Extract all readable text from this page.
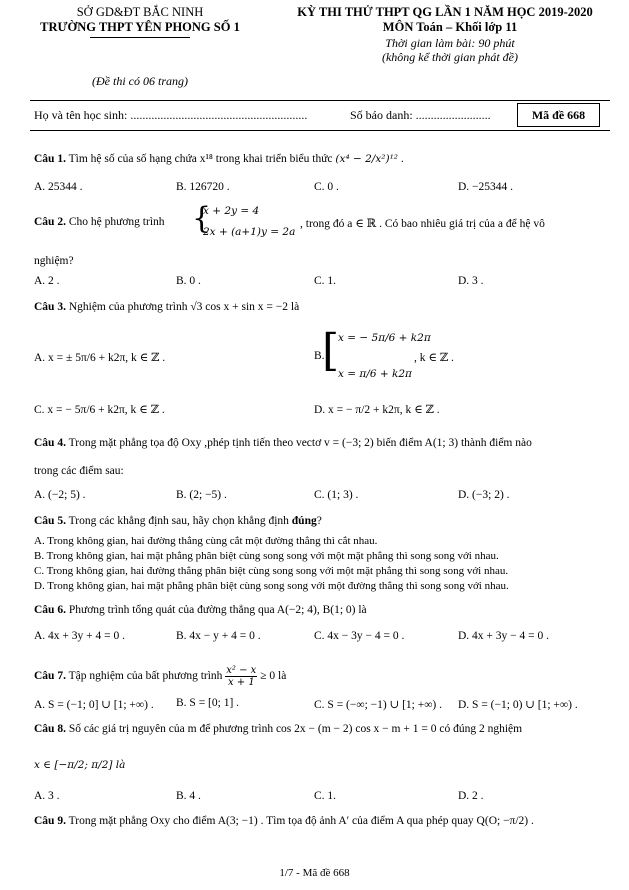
SỞ GD&ĐT BẮC NINH
TRƯỜNG THPT YÊN PHONG SỐ 1
(Đề thi có 06 trang)
KỲ THI THỬ THPT QG LẦN 1 NĂM HỌC 2019-2020
MÔN Toán – Khối lớp 11
Thời gian làm bài: 90 phút
(không kể thời gian phát đề)
Họ và tên học sinh: ...........................................................	Số báo danh: .........................	Mã đề 668
Câu 1. Tìm hệ số của số hạng chứa x¹⁸ trong khai triển biểu thức (x⁴ − 2/x²)¹² .
A. 25344 .	B. 126720 .	C. 0 .	D. −25344 .
Câu 2. Cho hệ phương trình {
x + 2y = 4
2x + (a+1)y = 2a
, trong đó a ∈ ℝ . Có bao nhiêu giá trị của a để hệ vô
nghiệm?
A. 2 .	B. 0 .	C. 1.	D. 3 .
Câu 3. Nghiệm của phương trình √3 cos x + sin x = −2 là
A. x = ± 5π/6 + k2π, k ∈ ℤ .	B.
[
x = − 5π/6 + k2π
x = π/6 + k2π
, k ∈ ℤ .
C. x = − 5π/6 + k2π, k ∈ ℤ .	D. x = − π/2 + k2π, k ∈ ℤ .
Câu 4. Trong mặt phẳng tọa độ Oxy ,phép tịnh tiến theo vectơ v = (−3; 2) biến điểm A(1; 3) thành điểm nào
trong các điểm sau:
A. (−2; 5) .	B. (2; −5) .	C. (1; 3) .	D. (−3; 2) .
Câu 5. Trong các khẳng định sau, hãy chọn khẳng định đúng?
A. Trong không gian, hai đường thẳng cùng cắt một đường thẳng thì cắt nhau.
B. Trong không gian, hai mặt phẳng phân biệt cùng song song với một mặt phẳng thì song song với nhau.
C. Trong không gian, hai đường thẳng phân biệt cùng song song với một mặt phẳng thì song song với nhau.
D. Trong không gian, hai mặt phẳng phân biệt cùng song song với một đường thẳng thì song song với nhau.
Câu 6. Phương trình tổng quát của đường thẳng qua A(−2; 4), B(1; 0) là
A. 4x + 3y + 4 = 0 .	B. 4x − y + 4 = 0 .	C. 4x − 3y − 4 = 0 .	D. 4x + 3y − 4 = 0 .
Câu 7. Tập nghiệm của bất phương trình $\frac{\text{x² − x}}{x + 1} \ge 0$ là
A. S = (−1; 0] ∪ [1; +∞) . B. S = [0; 1] .	C. S = (−∞; −1) ∪ [1; +∞) . D. S = (−1; 0) ∪ [1; +∞) .
Câu 8. Số các giá trị nguyên của m để phương trình cos 2x − (m − 2) cos x − m + 1 = 0 có đúng 2 nghiệm
x ∈ [−π/2; π/2] là
A. 3 .	B. 4 .	C. 1.	D. 2 .
Câu 9. Trong mặt phẳng Oxy cho điểm A(3; −1) . Tìm tọa độ ảnh A′ của điểm A qua phép quay Q(O; −π/2) .
1/7 - Mã đề 668
